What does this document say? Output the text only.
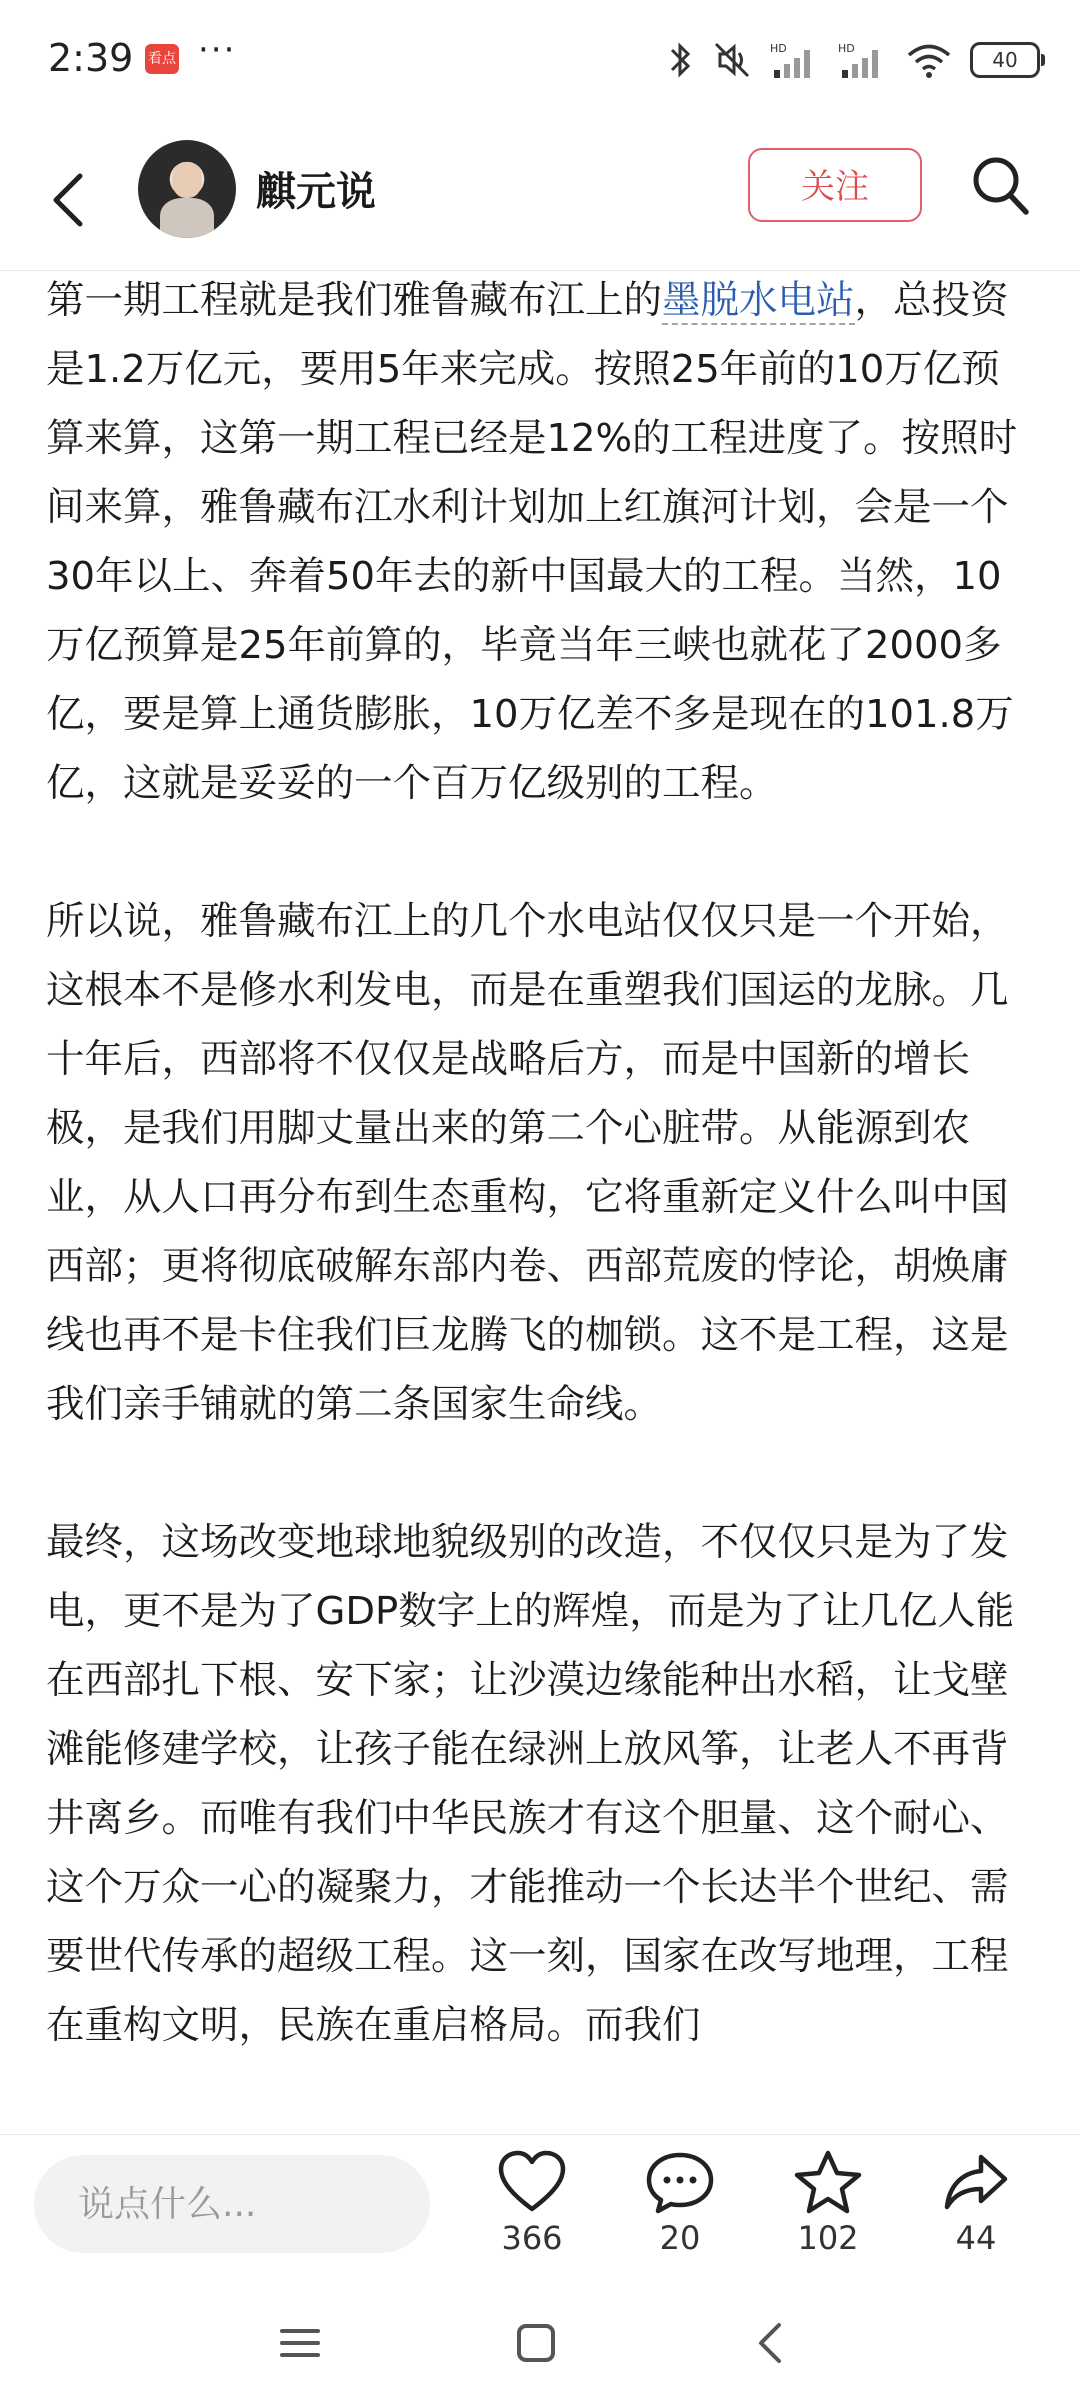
2:39 看点 ···	HD	HD	40
麒元说	关注

第一期工程就是我们雅鲁藏布江上的墨脱水电站，总投资是1.2万亿元，要用5年来完成。按照25年前的10万亿预算来算，这第一期工程已经是12%的工程进度了。按照时间来算，雅鲁藏布江水利计划加上红旗河计划，会是一个30年以上、奔着50年去的新中国最大的工程。当然，10万亿预算是25年前算的，毕竟当年三峡也就花了2000多亿，要是算上通货膨胀，10万亿差不多是现在的101.8万亿，这就是妥妥的一个百万亿级别的工程。

所以说，雅鲁藏布江上的几个水电站仅仅只是一个开始，这根本不是修水利发电，而是在重塑我们国运的龙脉。几十年后，西部将不仅仅是战略后方，而是中国新的增长极，是我们用脚丈量出来的第二个心脏带。从能源到农业，从人口再分布到生态重构，它将重新定义什么叫中国西部；更将彻底破解东部内卷、西部荒废的悖论，胡焕庸线也再不是卡住我们巨龙腾飞的枷锁。这不是工程，这是我们亲手铺就的第二条国家生命线。

最终，这场改变地球地貌级别的改造，不仅仅只是为了发电，更不是为了GDP数字上的辉煌，而是为了让几亿人能在西部扎下根、安下家；让沙漠边缘能种出水稻，让戈壁滩能修建学校，让孩子能在绿洲上放风筝，让老人不再背井离乡。而唯有我们中华民族才有这个胆量、这个耐心、这个万众一心的凝聚力，才能推动一个长达半个世纪、需要世代传承的超级工程。这一刻，国家在改写地理，工程在重构文明，民族在重启格局。而我们

说点什么...
366	20	102	44
